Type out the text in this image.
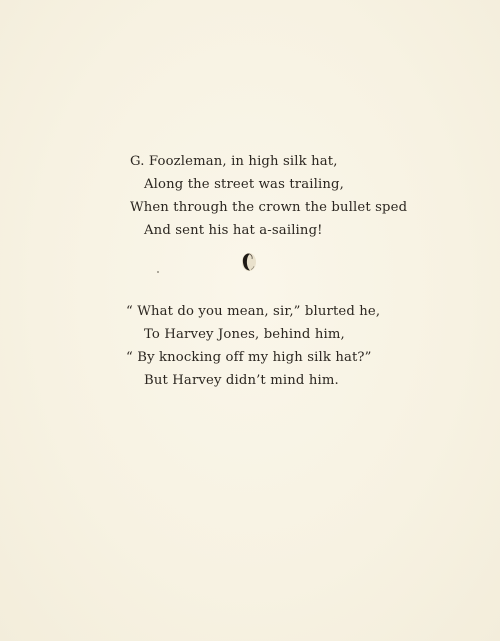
G. Foozleman, in high silk hat,
Along the street was trailing,
When through the crown the bullet sped
And sent his hat a-sailing!
“ What do you mean, sir,” blurted he,
To Harvey Jones, behind him,
“ By knocking off my high silk hat?”
But Harvey didn’t mind him.
